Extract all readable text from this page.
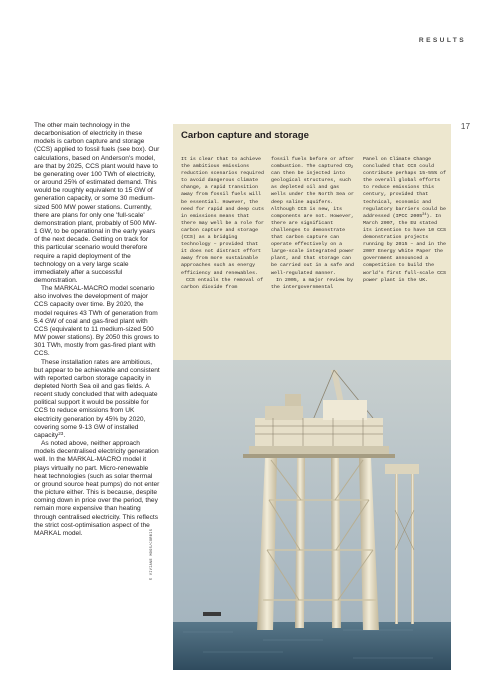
RESULTS
17

The other main technology in the decarbonisation of electricity in these models is carbon capture and storage (CCS) applied to fossil fuels (see box). Our calculations, based on Anderson's model, are that by 2025, CCS plant would have to be generating over 100 TWh of electricity, or around 25% of estimated demand. This would be roughly equivalent to 15 GW of generation capacity, or some 30 medium-sized 500 MW power stations. Currently, there are plans for only one 'full-scale' demonstration plant, probably of 500 MW-1 GW, to be operational in the early years of the next decade. Getting on track for this particular scenario would therefore require a rapid deployment of the technology on a very large scale immediately after a successful demonstration.

The MARKAL-MACRO model scenario also involves the development of major CCS capacity over time. By 2020, the model requires 43 TWh of generation from 5.4 GW of coal and gas-fired plant with CCS (equivalent to 11 medium-sized 500 MW power stations). By 2050 this grows to 301 TWh, mostly from gas-fired plant with CCS.

These installation rates are ambitious, but appear to be achievable and consistent with reported carbon storage capacity in depleted North Sea oil and gas fields. A recent study concluded that with adequate political support it would be possible for CCS to reduce emissions from UK electricity generation by 45% by 2020, covering some 9-13 GW of installed capacity$^{23}$.

As noted above, neither approach models decentralised electricity generation well. In the MARKAL-MACRO model it plays virtually no part. Micro-renewable heat technologies (such as solar thermal or ground source heat pumps) do not enter the picture either. This is because, despite coming down in price over the period, they remain more expensive than heating through centralised electricity. This reflects the strict cost-optimisation aspect of the MARKAL model.	© VIVIANE MOOS/CORBIS
Carbon capture and storage

It is clear that to achieve the ambitious emissions reduction scenarios required to avoid dangerous climate change, a rapid transition away from fossil fuels will be essential. However, the need for rapid and deep cuts in emissions means that there may well be a role for carbon capture and storage (CCS) as a bridging technology – provided that it does not distract effort away from more sustainable approaches such as energy efficiency and renewables.

CCS entails the removal of carbon dioxide from

fossil fuels before or after combustion. The captured $CO_2$ can then be injected into geological structures, such as depleted oil and gas wells under the North Sea or deep saline aquifers. Although CCS is new, its components are not. However, there are significant challenges to demonstrate that carbon capture can operate effectively on a large-scale integrated power plant, and that storage can be carried out in a safe and well-regulated manner.

In 2005, a major review by the intergovernmental

Panel on Climate Change concluded that CCS could contribute perhaps 15-55% of the overall global efforts to reduce emissions this century, provided that technical, economic and regulatory barriers could be addressed (IPCC 2005$^{24}$). In March 2007, the EU stated its intention to have 10 CCS demonstration projects running by 2015 – and in the 2007 Energy White Paper the government announced a competition to build the world's first full-scale CCS power plant in the UK.
